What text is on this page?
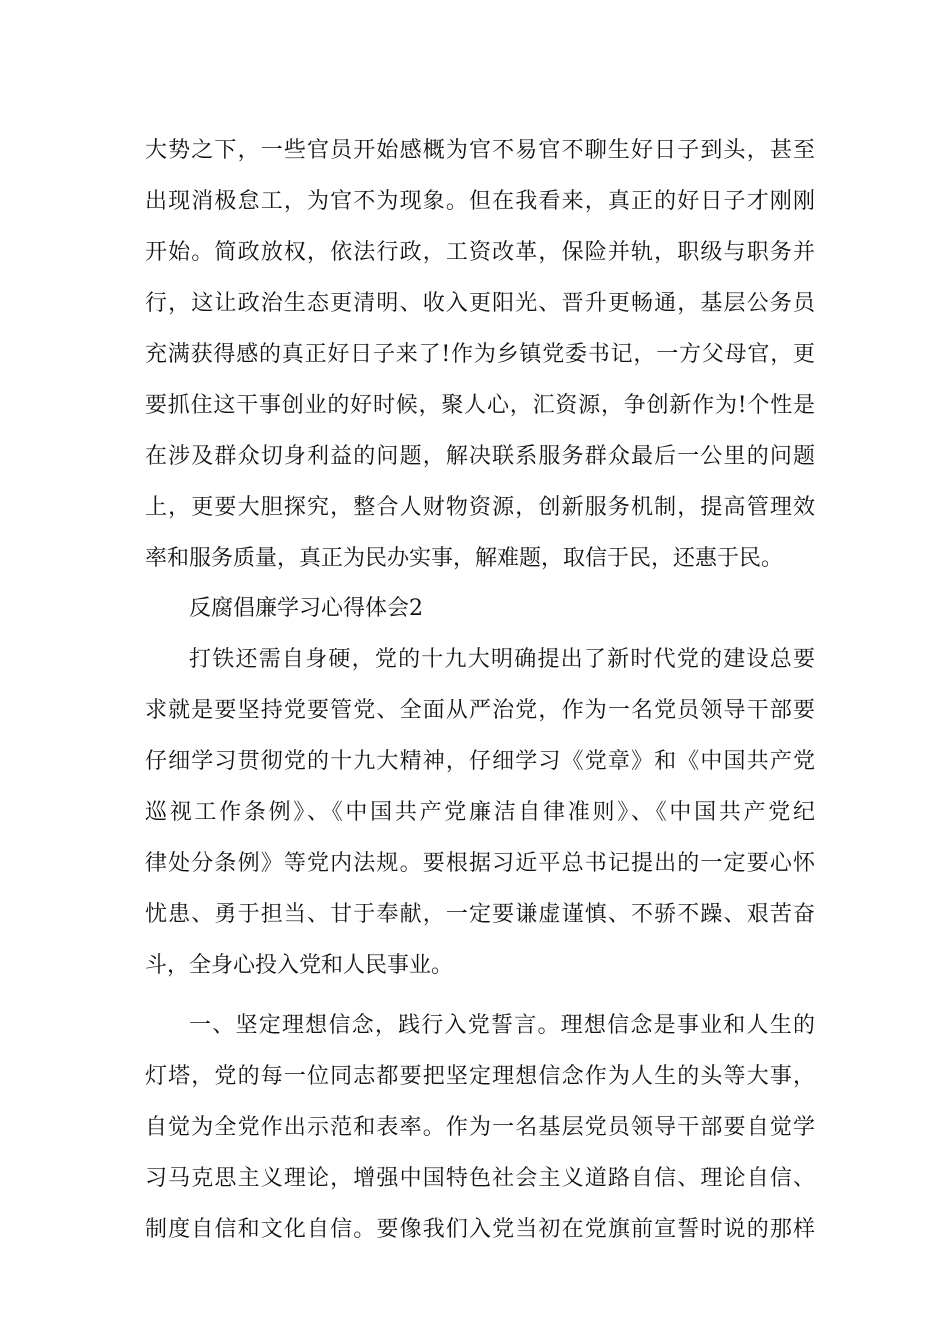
大势之下，一些官员开始感概为官不易官不聊生好日子到头，甚至
出现消极怠工，为官不为现象。但在我看来，真正的好日子才刚刚
开始。简政放权，依法行政，工资改革，保险并轨，职级与职务并
行，这让政治生态更清明、收入更阳光、晋升更畅通，基层公务员
充满获得感的真正好日子来了!作为乡镇党委书记，一方父母官，更
要抓住这干事创业的好时候，聚人心，汇资源，争创新作为!个性是
在涉及群众切身利益的问题，解决联系服务群众最后一公里的问题
上，更要大胆探究，整合人财物资源，创新服务机制，提高管理效
率和服务质量，真正为民办实事，解难题，取信于民，还惠于民。
反腐倡廉学习心得体会2
打铁还需自身硬，党的十九大明确提出了新时代党的建设总要
求就是要坚持党要管党、全面从严治党，作为一名党员领导干部要
仔细学习贯彻党的十九大精神，仔细学习《党章》和《中国共产党
巡视工作条例》、《中国共产党廉洁自律准则》、《中国共产党纪
律处分条例》等党内法规。要根据习近平总书记提出的一定要心怀
忧患、勇于担当、甘于奉献，一定要谦虚谨慎、不骄不躁、艰苦奋
斗，全身心投入党和人民事业。
一、坚定理想信念，践行入党誓言。理想信念是事业和人生的
灯塔，党的每一位同志都要把坚定理想信念作为人生的头等大事，
自觉为全党作出示范和表率。作为一名基层党员领导干部要自觉学
习马克思主义理论，增强中国特色社会主义道路自信、理论自信、
制度自信和文化自信。要像我们入党当初在党旗前宣誓时说的那样
